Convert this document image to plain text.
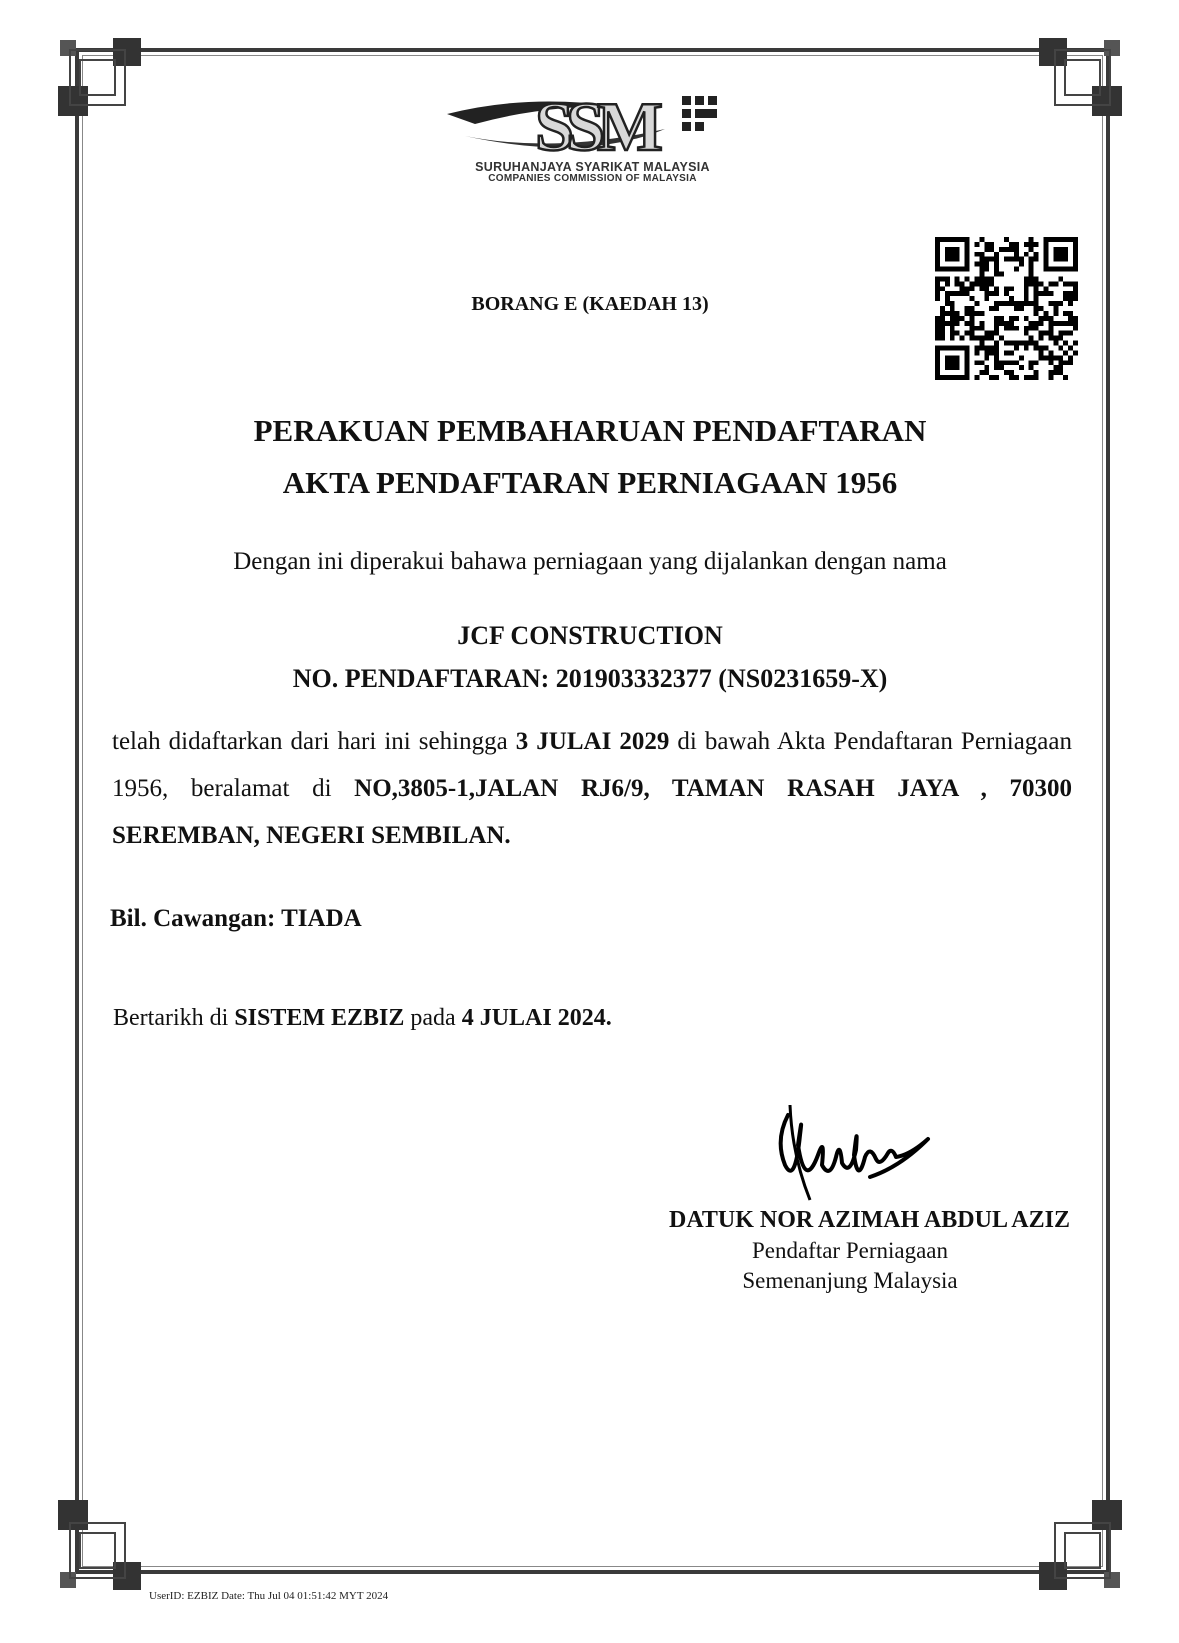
SSM
SURUHANJAYA SYARIKAT MALAYSIA
COMPANIES COMMISSION OF MALAYSIA
BORANG E (KAEDAH 13)
PERAKUAN PEMBAHARUAN PENDAFTARAN
AKTA PENDAFTARAN PERNIAGAAN 1956
Dengan ini diperakui bahawa perniagaan yang dijalankan dengan nama
JCF CONSTRUCTION
NO. PENDAFTARAN: 201903332377 (NS0231659-X)
telah didaftarkan dari hari ini sehingga 3 JULAI 2029 di bawah Akta Pendaftaran Perniagaan 1956, beralamat di NO,3805-1,JALAN RJ6/9, TAMAN RASAH JAYA , 70300 SEREMBAN, NEGERI SEMBILAN.
Bil. Cawangan: TIADA
Bertarikh di SISTEM EZBIZ pada 4 JULAI 2024.
DATUK NOR AZIMAH ABDUL AZIZ
Pendaftar Perniagaan
Semenanjung Malaysia
UserID: EZBIZ Date: Thu Jul 04 01:51:42 MYT 2024
